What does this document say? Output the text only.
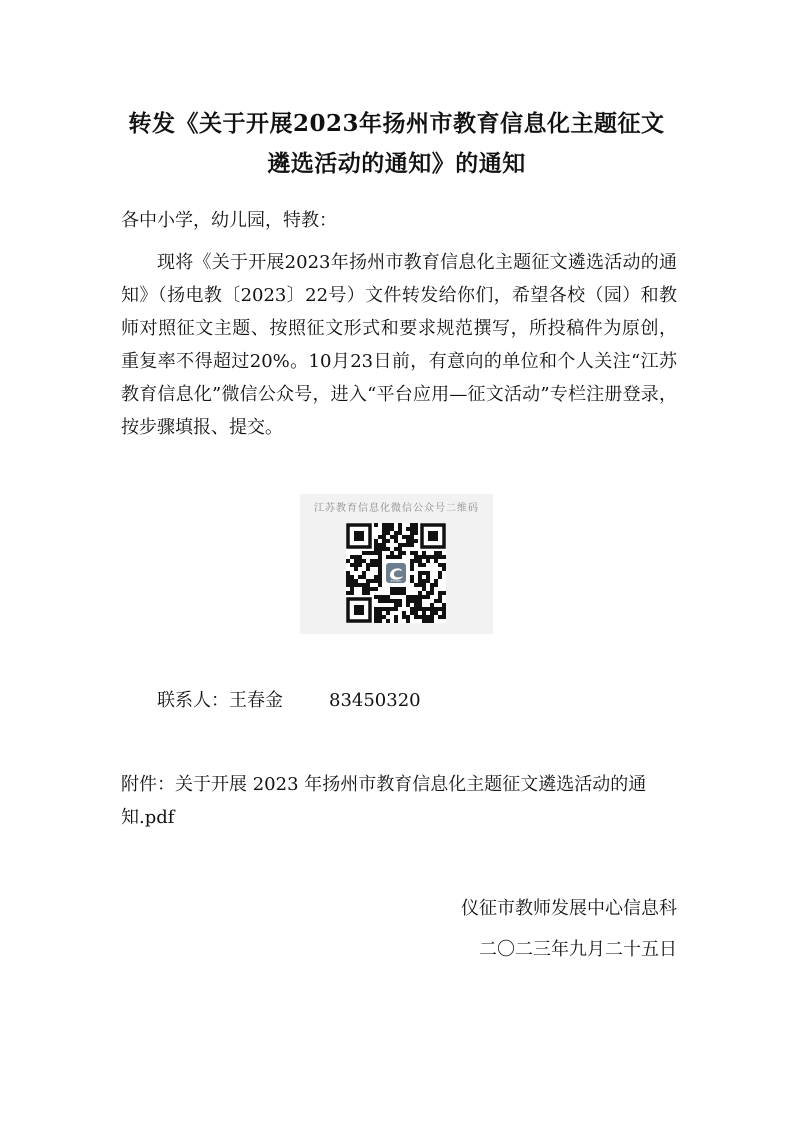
转发《关于开展2023年扬州市教育信息化主题征文
遴选活动的通知》的通知
各中小学，幼儿园，特教：
现将《关于开展2023年扬州市教育信息化主题征文遴选活动的通知》（扬电教〔2023〕22号）文件转发给你们，希望各校（园）和教师对照征文主题、按照征文形式和要求规范撰写，所投稿件为原创，重复率不得超过20%。10月23日前，有意向的单位和个人关注“江苏教育信息化”微信公众号，进入“平台应用—征文活动”专栏注册登录，按步骤填报、提交。
江苏教育信息化微信公众号二维码
Jiangsu
联系人：王春金	83450320
附件：关于开展 2023 年扬州市教育信息化主题征文遴选活动的通知.pdf
仪征市教师发展中心信息科
二〇二三年九月二十五日
